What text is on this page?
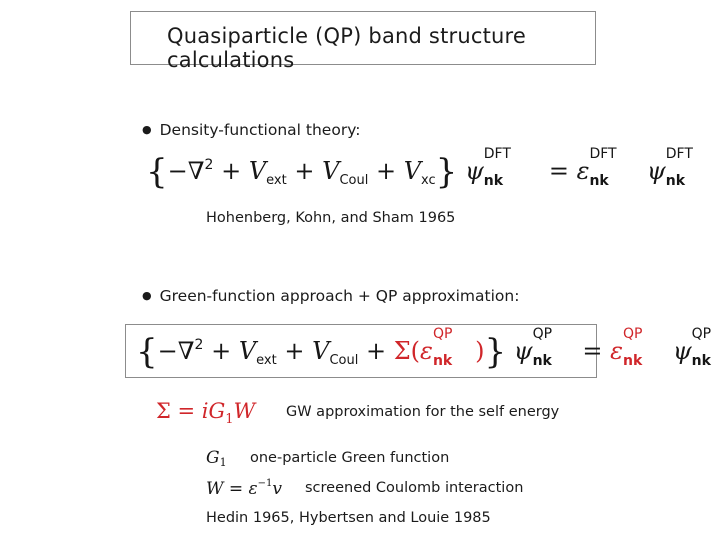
Quasiparticle (QP) band structure calculations
● Density-functional theory:
$\{-\nabla^2 + V_{ext} + V_{Coul} + V_{xc}\}$ ψ
DFT
nk      = ε
DFT
nk ψ
DFT
nk
Hohenberg, Kohn, and Sham 1965
● Green-function approach + QP approximation:
{$-\nabla^2 + V_{ext} + V_{Coul} + \Sigma(\varepsilon$
QP
nk   )} ψ
QP
nk    = ε
QP
nk ψ
QP
nk
$\Sigma = iG_1W$ GW approximation for the self energy
G1 one-particle Green function
$W = \varepsilon^{-1}v$ screened Coulomb interaction
Hedin 1965, Hybertsen and Louie 1985
